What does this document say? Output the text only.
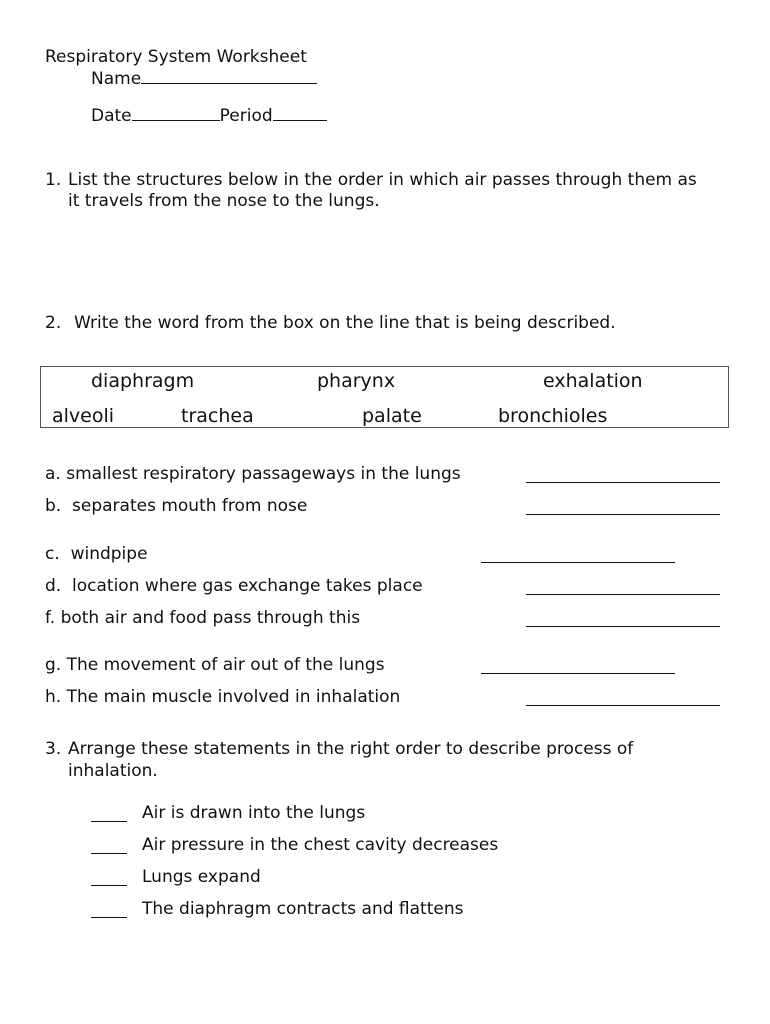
Respiratory System Worksheet
Name
Date	Period
1. List the structures below in the order in which air passes through them as
it travels from the nose to the lungs.
2. Write the word from the box on the line that is being described.
diaphragm	pharynx	exhalation
alveoli	trachea	palate	bronchioles
a. smallest respiratory passageways in the lungs
b. separates mouth from nose
c. windpipe
d. location where gas exchange takes place
f. both air and food pass through this
g. The movement of air out of the lungs
h. The main muscle involved in inhalation
3. Arrange these statements in the right order to describe process of
inhalation.
Air is drawn into the lungs
Air pressure in the chest cavity decreases
Lungs expand
The diaphragm contracts and flattens
